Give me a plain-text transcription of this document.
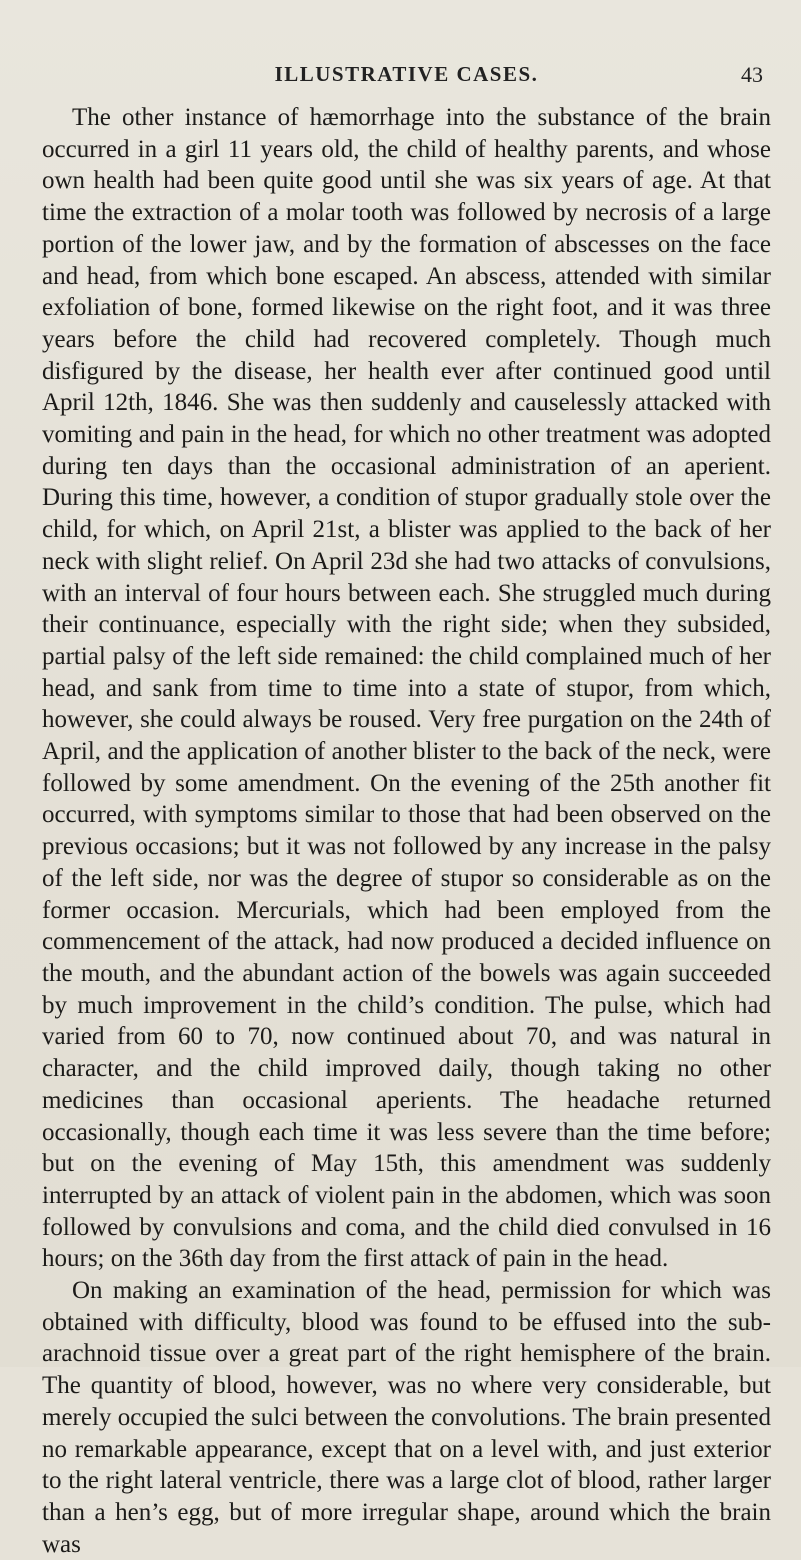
ILLUSTRATIVE CASES.	43

The other instance of hæmorrhage into the substance of the brain occurred in a girl 11 years old, the child of healthy parents, and whose own health had been quite good until she was six years of age. At that time the extraction of a molar tooth was followed by necrosis of a large portion of the lower jaw, and by the formation of abscesses on the face and head, from which bone escaped. An abscess, attended with similar exfoliation of bone, formed likewise on the right foot, and it was three years before the child had recovered completely. Though much disfigured by the disease, her health ever after continued good until April 12th, 1846. She was then suddenly and causelessly attacked with vomiting and pain in the head, for which no other treatment was adopted during ten days than the occasional administration of an aperient. During this time, however, a condition of stupor gradually stole over the child, for which, on April 21st, a blister was applied to the back of her neck with slight relief. On April 23d she had two attacks of convulsions, with an interval of four hours between each. She struggled much during their continuance, especially with the right side; when they subsided, partial palsy of the left side remained: the child complained much of her head, and sank from time to time into a state of stupor, from which, however, she could always be roused. Very free purgation on the 24th of April, and the application of another blister to the back of the neck, were followed by some amendment. On the evening of the 25th another fit occurred, with symptoms similar to those that had been observed on the previous occasions; but it was not followed by any increase in the palsy of the left side, nor was the degree of stupor so considerable as on the former occasion. Mercurials, which had been employed from the commencement of the attack, had now produced a decided influence on the mouth, and the abundant action of the bowels was again succeeded by much improvement in the child’s condition. The pulse, which had varied from 60 to 70, now continued about 70, and was natural in character, and the child improved daily, though taking no other medicines than occasional aperients. The headache returned occasionally, though each time it was less severe than the time before; but on the evening of May 15th, this amendment was suddenly interrupted by an attack of violent pain in the abdomen, which was soon followed by convulsions and coma, and the child died convulsed in 16 hours; on the 36th day from the first attack of pain in the head.

On making an examination of the head, permission for which was obtained with difficulty, blood was found to be effused into the sub-arachnoid tissue over a great part of the right hemisphere of the brain. The quantity of blood, however, was no where very considerable, but merely occupied the sulci between the convolutions. The brain presented no remarkable appearance, except that on a level with, and just exterior to the right lateral ventricle, there was a large clot of blood, rather larger than a hen’s egg, but of more irregular shape, around which the brain was
